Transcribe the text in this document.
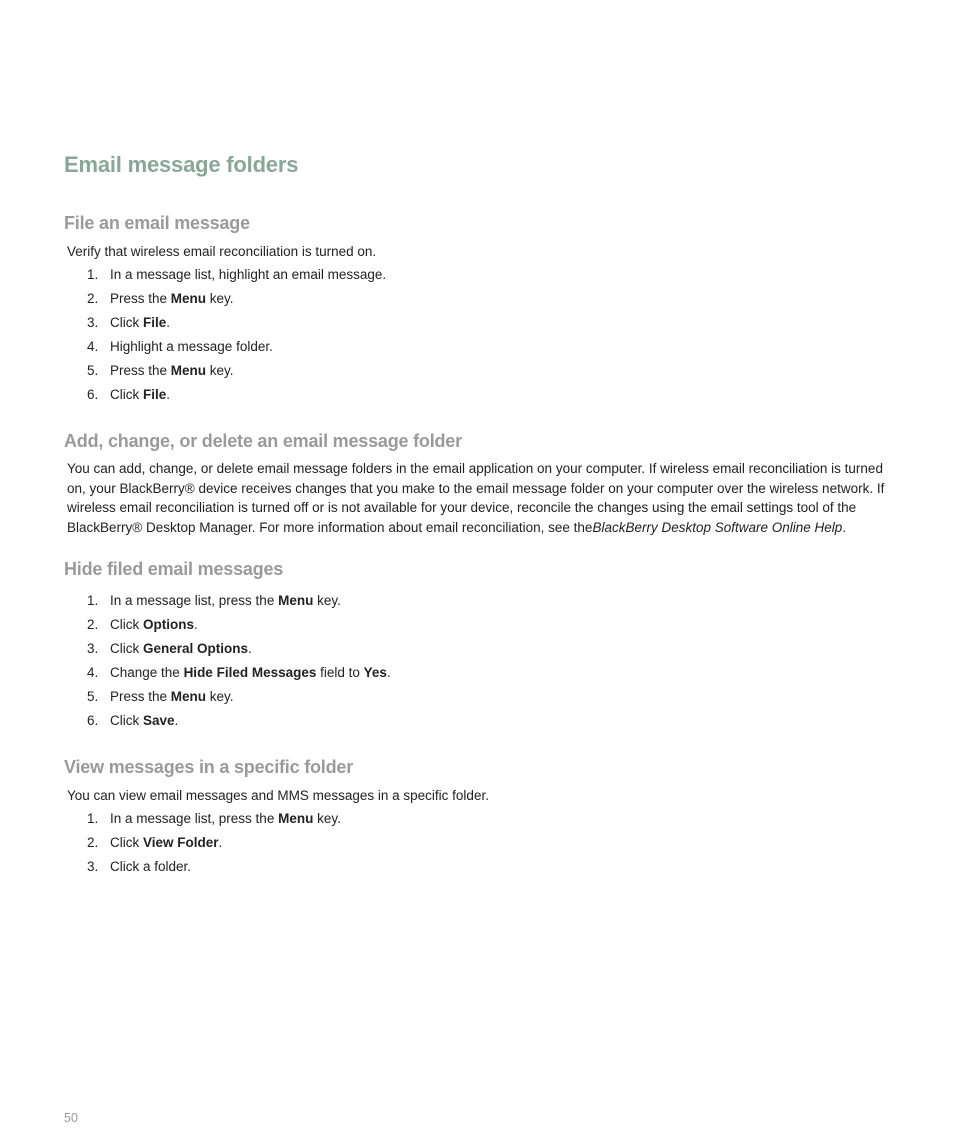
Email message folders
File an email message

Verify that wireless email reconciliation is turned on.

1. In a message list, highlight an email message.
2. Press the Menu key.
3. Click File.
4. Highlight a message folder.
5. Press the Menu key.
6. Click File.
Add, change, or delete an email message folder

You can add, change, or delete email message folders in the email application on your computer. If wireless email reconciliation is turned on, your BlackBerry® device receives changes that you make to the email message folder on your computer over the wireless network. If wireless email reconciliation is turned off or is not available for your device, reconcile the changes using the email settings tool of the BlackBerry® Desktop Manager. For more information about email reconciliation, see theBlackBerry Desktop Software Online Help.

Hide filed email messages
1. In a message list, press the Menu key.
2. Click Options.
3. Click General Options.
4. Change the Hide Filed Messages field to Yes.
5. Press the Menu key.
6. Click Save.
View messages in a specific folder

You can view email messages and MMS messages in a specific folder.

1. In a message list, press the Menu key.
2. Click View Folder.
3. Click a folder.

50
